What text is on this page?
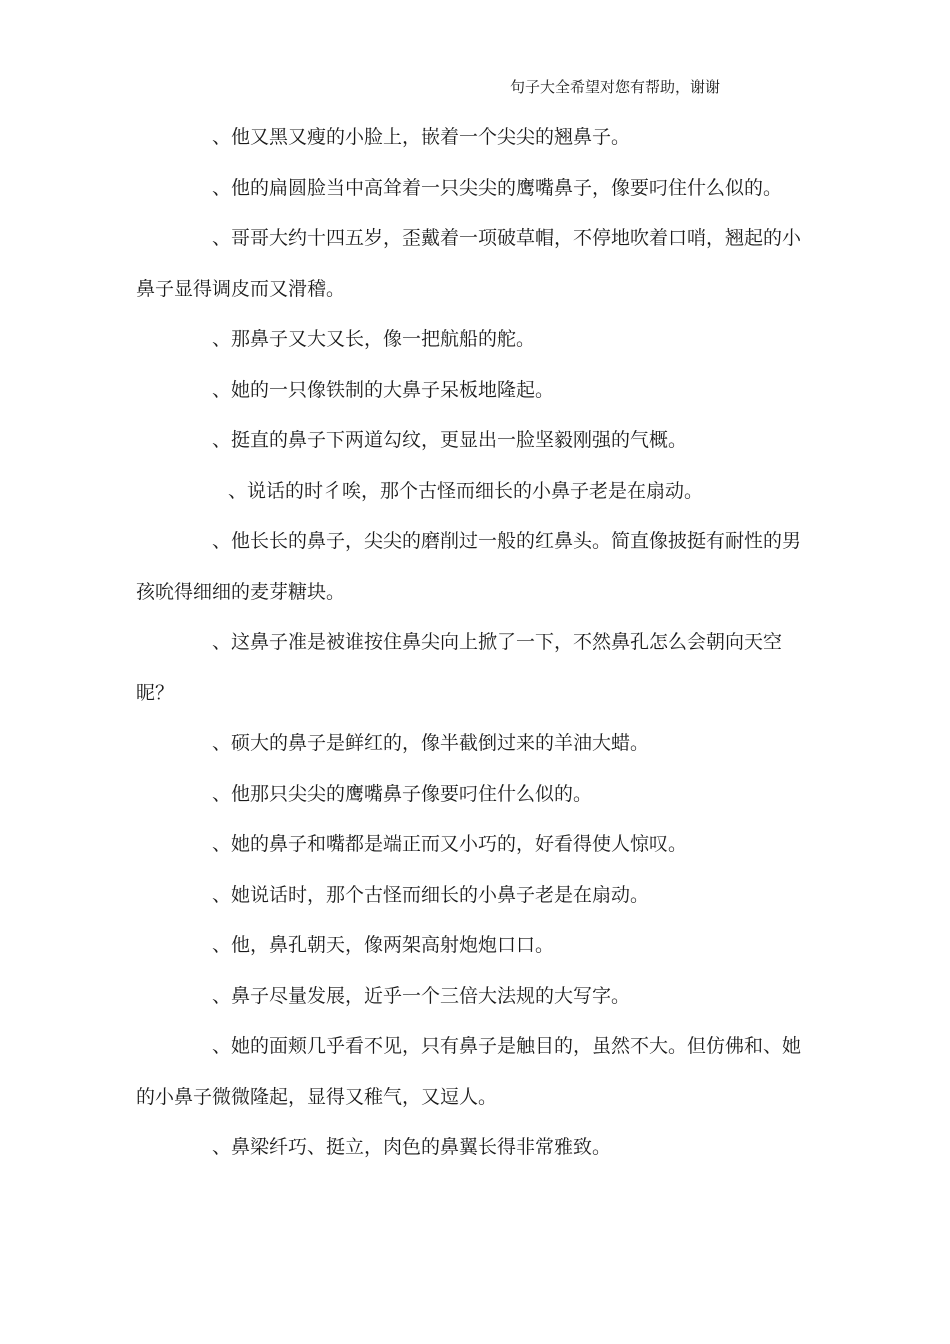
句子大全希望对您有帮助，谢谢

、他又黑又瘦的小脸上，嵌着一个尖尖的翘鼻子。

、他的扁圆脸当中高耸着一只尖尖的鹰嘴鼻子，像要叼住什么似的。

、哥哥大约十四五岁，歪戴着一项破草帽，不停地吹着口哨，翘起的小鼻子显得调皮而又滑稽。

、那鼻子又大又长，像一把航船的舵。

、她的一只像铁制的大鼻子呆板地隆起。

、挺直的鼻子下两道勾纹，更显出一脸坚毅刚强的气概。

、说话的时彳唉，那个古怪而细长的小鼻子老是在扇动。

、他长长的鼻子，尖尖的磨削过一般的红鼻头。简直像披挺有耐性的男孩吮得细细的麦芽糖块。

、这鼻子准是被谁按住鼻尖向上掀了一下，不然鼻孔怎么会朝向天空昵？

、硕大的鼻子是鲜红的，像半截倒过来的羊油大蜡。

、他那只尖尖的鹰嘴鼻子像要叼住什么似的。

、她的鼻子和嘴都是端正而又小巧的，好看得使人惊叹。

、她说话时，那个古怪而细长的小鼻子老是在扇动。

、他，鼻孔朝天，像两架高射炮炮口口。

、鼻子尽量发展，近乎一个三倍大法规的大写字。

、她的面颊几乎看不见，只有鼻子是触目的，虽然不大。但仿佛和、她的小鼻子微微隆起，显得又稚气，又逗人。

、鼻梁纤巧、挺立，肉色的鼻翼长得非常雅致。
